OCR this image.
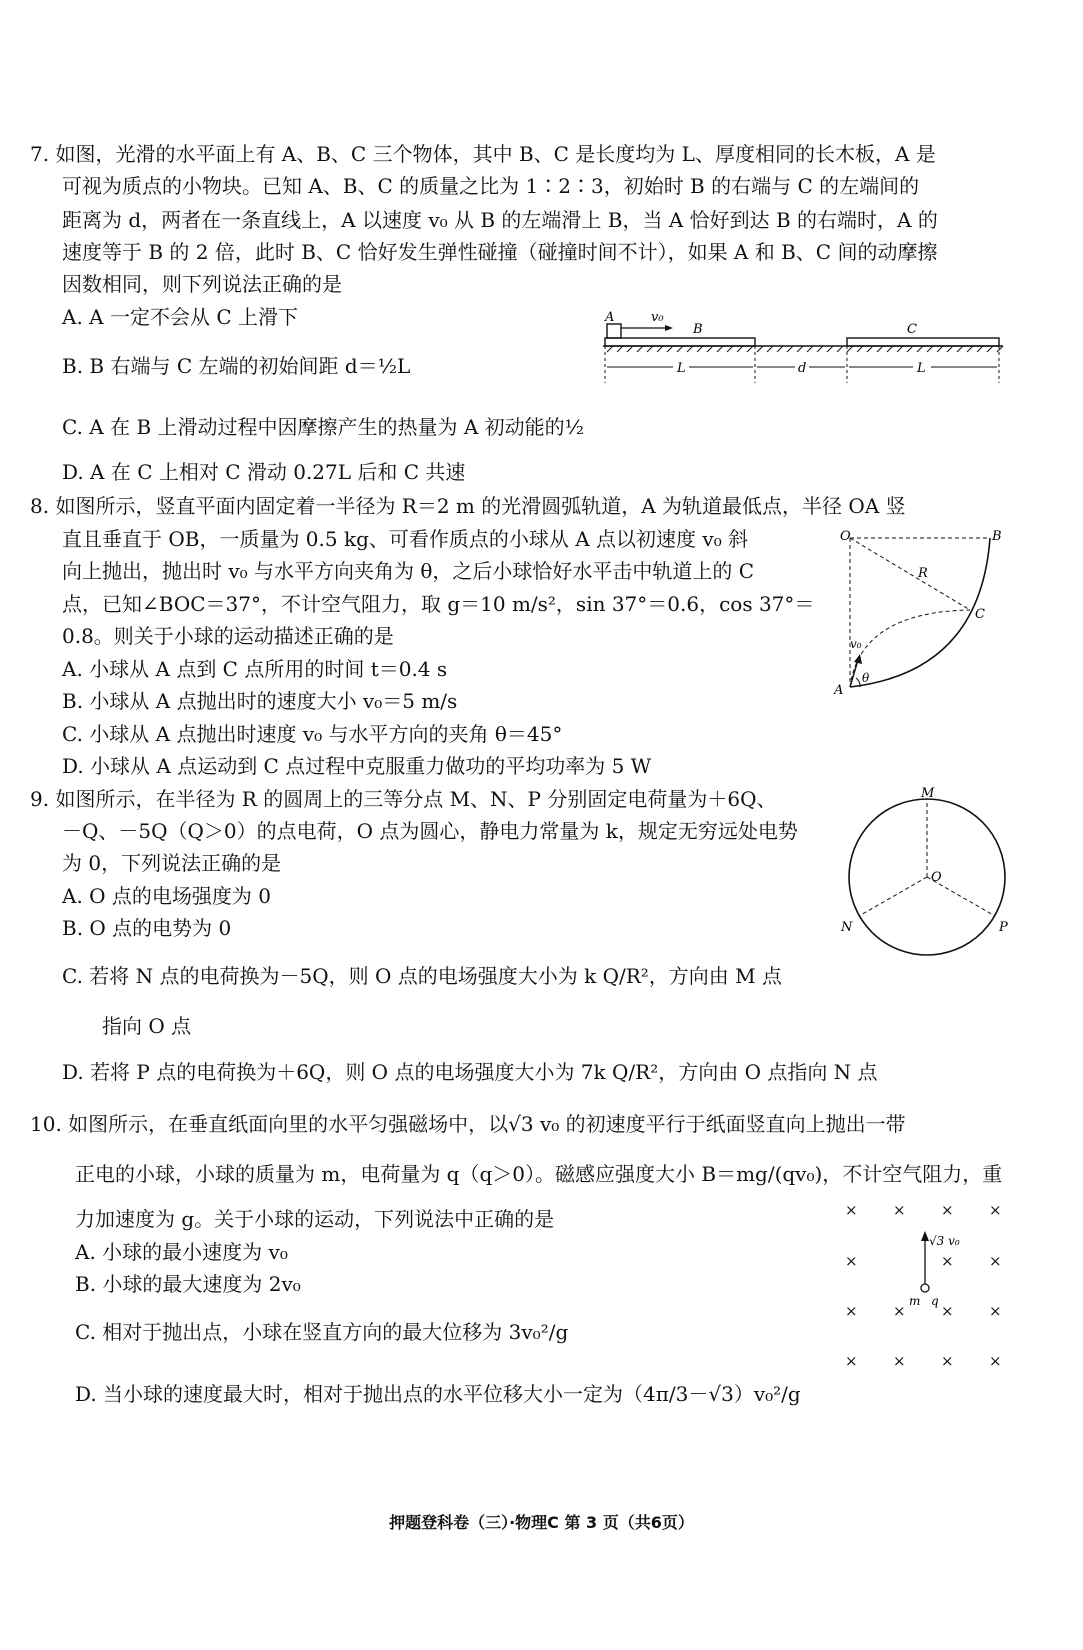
7. 如图，光滑的水平面上有 A、B、C 三个物体，其中 B、C 是长度均为 L、厚度相同的长木板，A 是
可视为质点的小物块。已知 A、B、C 的质量之比为 1∶2∶3，初始时 B 的右端与 C 的左端间的
距离为 d，两者在一条直线上，A 以速度 v₀ 从 B 的左端滑上 B，当 A 恰好到达 B 的右端时，A 的
速度等于 B 的 2 倍，此时 B、C 恰好发生弹性碰撞（碰撞时间不计），如果 A 和 B、C 间的动摩擦
因数相同，则下列说法正确的是
A. A 一定不会从 C 上滑下
B. B 右端与 C 左端的初始间距 d＝½L
C. A 在 B 上滑动过程中因摩擦产生的热量为 A 初动能的½
D. A 在 C 上相对 C 滑动 0.27L 后和 C 共速
A	v₀
B	C
L	d	L
8. 如图所示，竖直平面内固定着一半径为 R＝2 m 的光滑圆弧轨道，A 为轨道最低点，半径 OA 竖
直且垂直于 OB，一质量为 0.5 kg、可看作质点的小球从 A 点以初速度 v₀ 斜
向上抛出，抛出时 v₀ 与水平方向夹角为 θ，之后小球恰好水平击中轨道上的 C
点，已知∠BOC＝37°，不计空气阻力，取 g＝10 m/s²，sin 37°＝0.6，cos 37°＝
0.8。则关于小球的运动描述正确的是
A. 小球从 A 点到 C 点所用的时间 t＝0.4 s
B. 小球从 A 点抛出时的速度大小 v₀＝5 m/s
C. 小球从 A 点抛出时速度 v₀ 与水平方向的夹角 θ＝45°
D. 小球从 A 点运动到 C 点过程中克服重力做功的平均功率为 5 W
O	B
R
C
v₀
θ
A
9. 如图所示，在半径为 R 的圆周上的三等分点 M、N、P 分别固定电荷量为＋6Q、
－Q、－5Q（Q＞0）的点电荷，O 点为圆心，静电力常量为 k，规定无穷远处电势
为 0，下列说法正确的是
A. O 点的电场强度为 0
B. O 点的电势为 0
C. 若将 N 点的电荷换为－5Q，则 O 点的电场强度大小为 k Q/R²，方向由 M 点
指向 O 点
D. 若将 P 点的电荷换为＋6Q，则 O 点的电场强度大小为 7k Q/R²，方向由 O 点指向 N 点
M
O
N	P
10. 如图所示，在垂直纸面向里的水平匀强磁场中，以√3 v₀ 的初速度平行于纸面竖直向上抛出一带
正电的小球，小球的质量为 m，电荷量为 q（q＞0）。磁感应强度大小 B＝mg/(qv₀)，不计空气阻力，重
力加速度为 g。关于小球的运动，下列说法中正确的是
A. 小球的最小速度为 v₀
B. 小球的最大速度为 2v₀
C. 相对于抛出点，小球在竖直方向的最大位移为 3v₀²/g
D. 当小球的速度最大时，相对于抛出点的水平位移大小一定为（4π/3－√3）v₀²/g
× × × ×
×	× ×
× × × ×
× × × ×
√3 v₀
m q
押题登科卷（三）·物理C 第 3 页（共6页）
